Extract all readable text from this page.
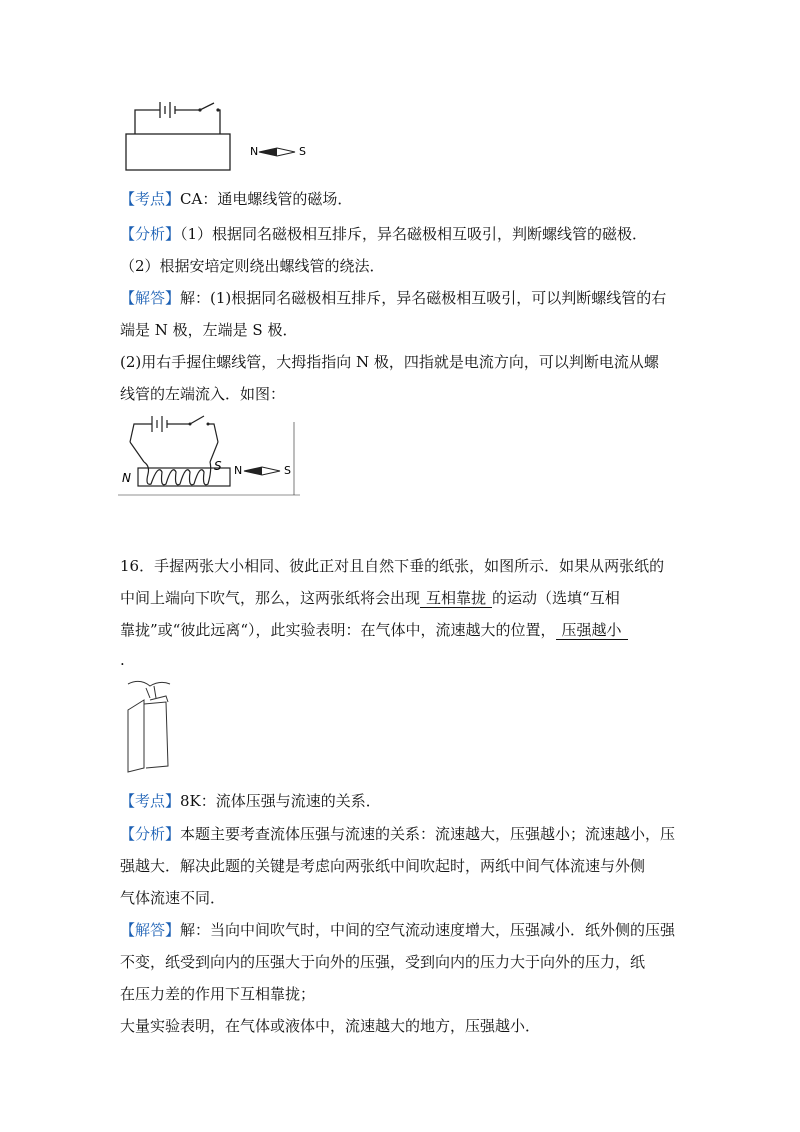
N	S
【考点】CA：通电螺线管的磁场．
【分析】（1）根据同名磁极相互排斥，异名磁极相互吸引，判断螺线管的磁极．
（2）根据安培定则绕出螺线管的绕法．
【解答】解：(1)根据同名磁极相互排斥，异名磁极相互吸引，可以判断螺线管的右
端是 N 极，左端是 S 极．
(2)用右手握住螺线管，大拇指指向 N 极，四指就是电流方向，可以判断电流从螺
线管的左端流入．如图：
N
S N	S
16．手握两张大小相同、彼此正对且自然下垂的纸张，如图所示．如果从两张纸的
中间上端向下吹气，那么，这两张纸将会出现 互相靠拢 的运动（选填“互相
靠拢”或“彼此远离“），此实验表明：在气体中，流速越大的位置， 压强越小
.
【考点】8K：流体压强与流速的关系．
【分析】本题主要考查流体压强与流速的关系：流速越大，压强越小；流速越小，压
强越大．解决此题的关键是考虑向两张纸中间吹起时，两纸中间气体流速与外侧
气体流速不同．
【解答】解：当向中间吹气时，中间的空气流动速度增大，压强减小．纸外侧的压强
不变，纸受到向内的压强大于向外的压强，受到向内的压力大于向外的压力，纸
在压力差的作用下互相靠拢；
大量实验表明，在气体或液体中，流速越大的地方，压强越小．
